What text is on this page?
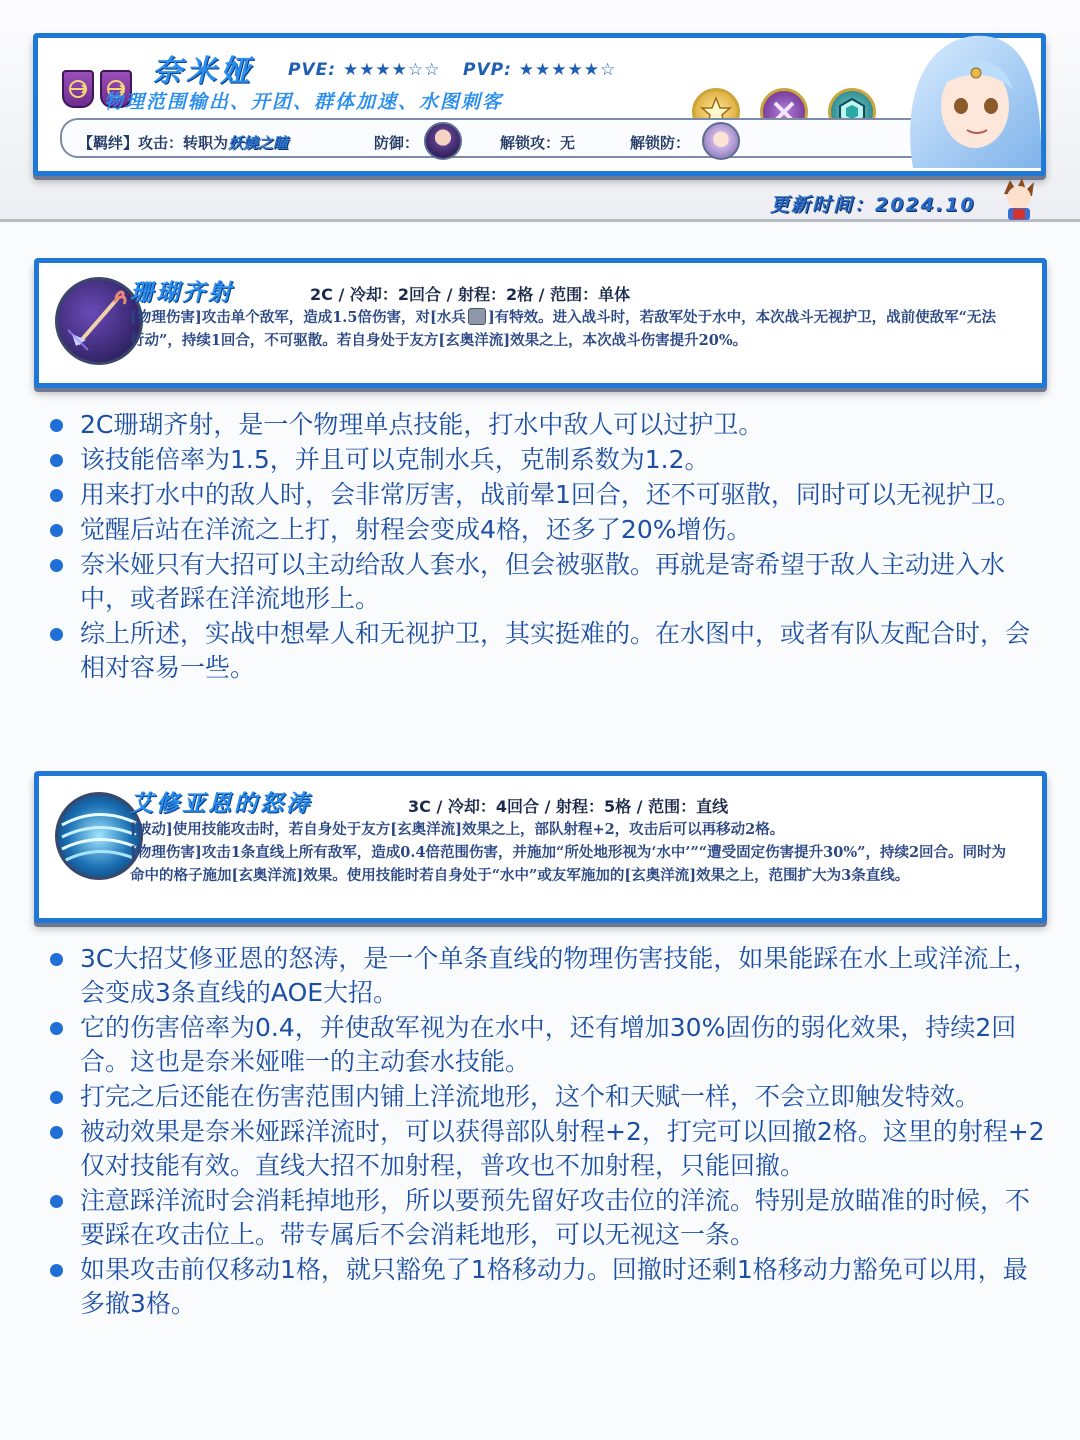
奈米娅 PVE: ★★★★☆☆ PVP: ★★★★★☆
物理范围输出、开团、群体加速、水图刺客
【羁绊】攻击：转职为妖嬈之瞳	防御：	解锁攻：无	解锁防：
更新时间：2024.10
珊瑚齐射	2C / 冷却：2回合 / 射程：2格 / 范围：单体
[物理伤害]攻击单个敌军，造成1.5倍伤害，对[水兵 ]有特效。进入战斗时，若敌军处于水中，本次战斗无视护卫，战前使敌军“无法行动”，持续1回合，不可驱散。若自身处于友方[玄奥洋流]效果之上，本次战斗伤害提升20%。
2C珊瑚齐射，是一个物理单点技能，打水中敌人可以过护卫。
该技能倍率为1.5，并且可以克制水兵，克制系数为1.2。
用来打水中的敌人时，会非常厉害，战前晕1回合，还不可驱散，同时可以无视护卫。
觉醒后站在洋流之上打，射程会变成4格，还多了20%增伤。
奈米娅只有大招可以主动给敌人套水，但会被驱散。再就是寄希望于敌人主动进入水中，或者踩在洋流地形上。
综上所述，实战中想晕人和无视护卫，其实挺难的。在水图中，或者有队友配合时，会相对容易一些。
艾修亚恩的怒涛	3C / 冷却：4回合 / 射程：5格 / 范围：直线
[被动]使用技能攻击时，若自身处于友方[玄奥洋流]效果之上，部队射程+2，攻击后可以再移动2格。
[物理伤害]攻击1条直线上所有敌军，造成0.4倍范围伤害，并施加“所处地形视为‘水中’”“遭受固定伤害提升30%”，持续2回合。同时为命中的格子施加[玄奥洋流]效果。使用技能时若自身处于“水中”或友军施加的[玄奥洋流]效果之上，范围扩大为3条直线。
3C大招艾修亚恩的怒涛，是一个单条直线的物理伤害技能，如果能踩在水上或洋流上，会变成3条直线的AOE大招。
它的伤害倍率为0.4，并使敌军视为在水中，还有增加30%固伤的弱化效果，持续2回合。这也是奈米娅唯一的主动套水技能。
打完之后还能在伤害范围内铺上洋流地形，这个和天赋一样，不会立即触发特效。
被动效果是奈米娅踩洋流时，可以获得部队射程+2，打完可以回撤2格。这里的射程+2仅对技能有效。直线大招不加射程，普攻也不加射程，只能回撤。
注意踩洋流时会消耗掉地形，所以要预先留好攻击位的洋流。特别是放瞄准的时候，不要踩在攻击位上。带专属后不会消耗地形，可以无视这一条。
如果攻击前仅移动1格，就只豁免了1格移动力。回撤时还剩1格移动力豁免可以用，最多撤3格。
